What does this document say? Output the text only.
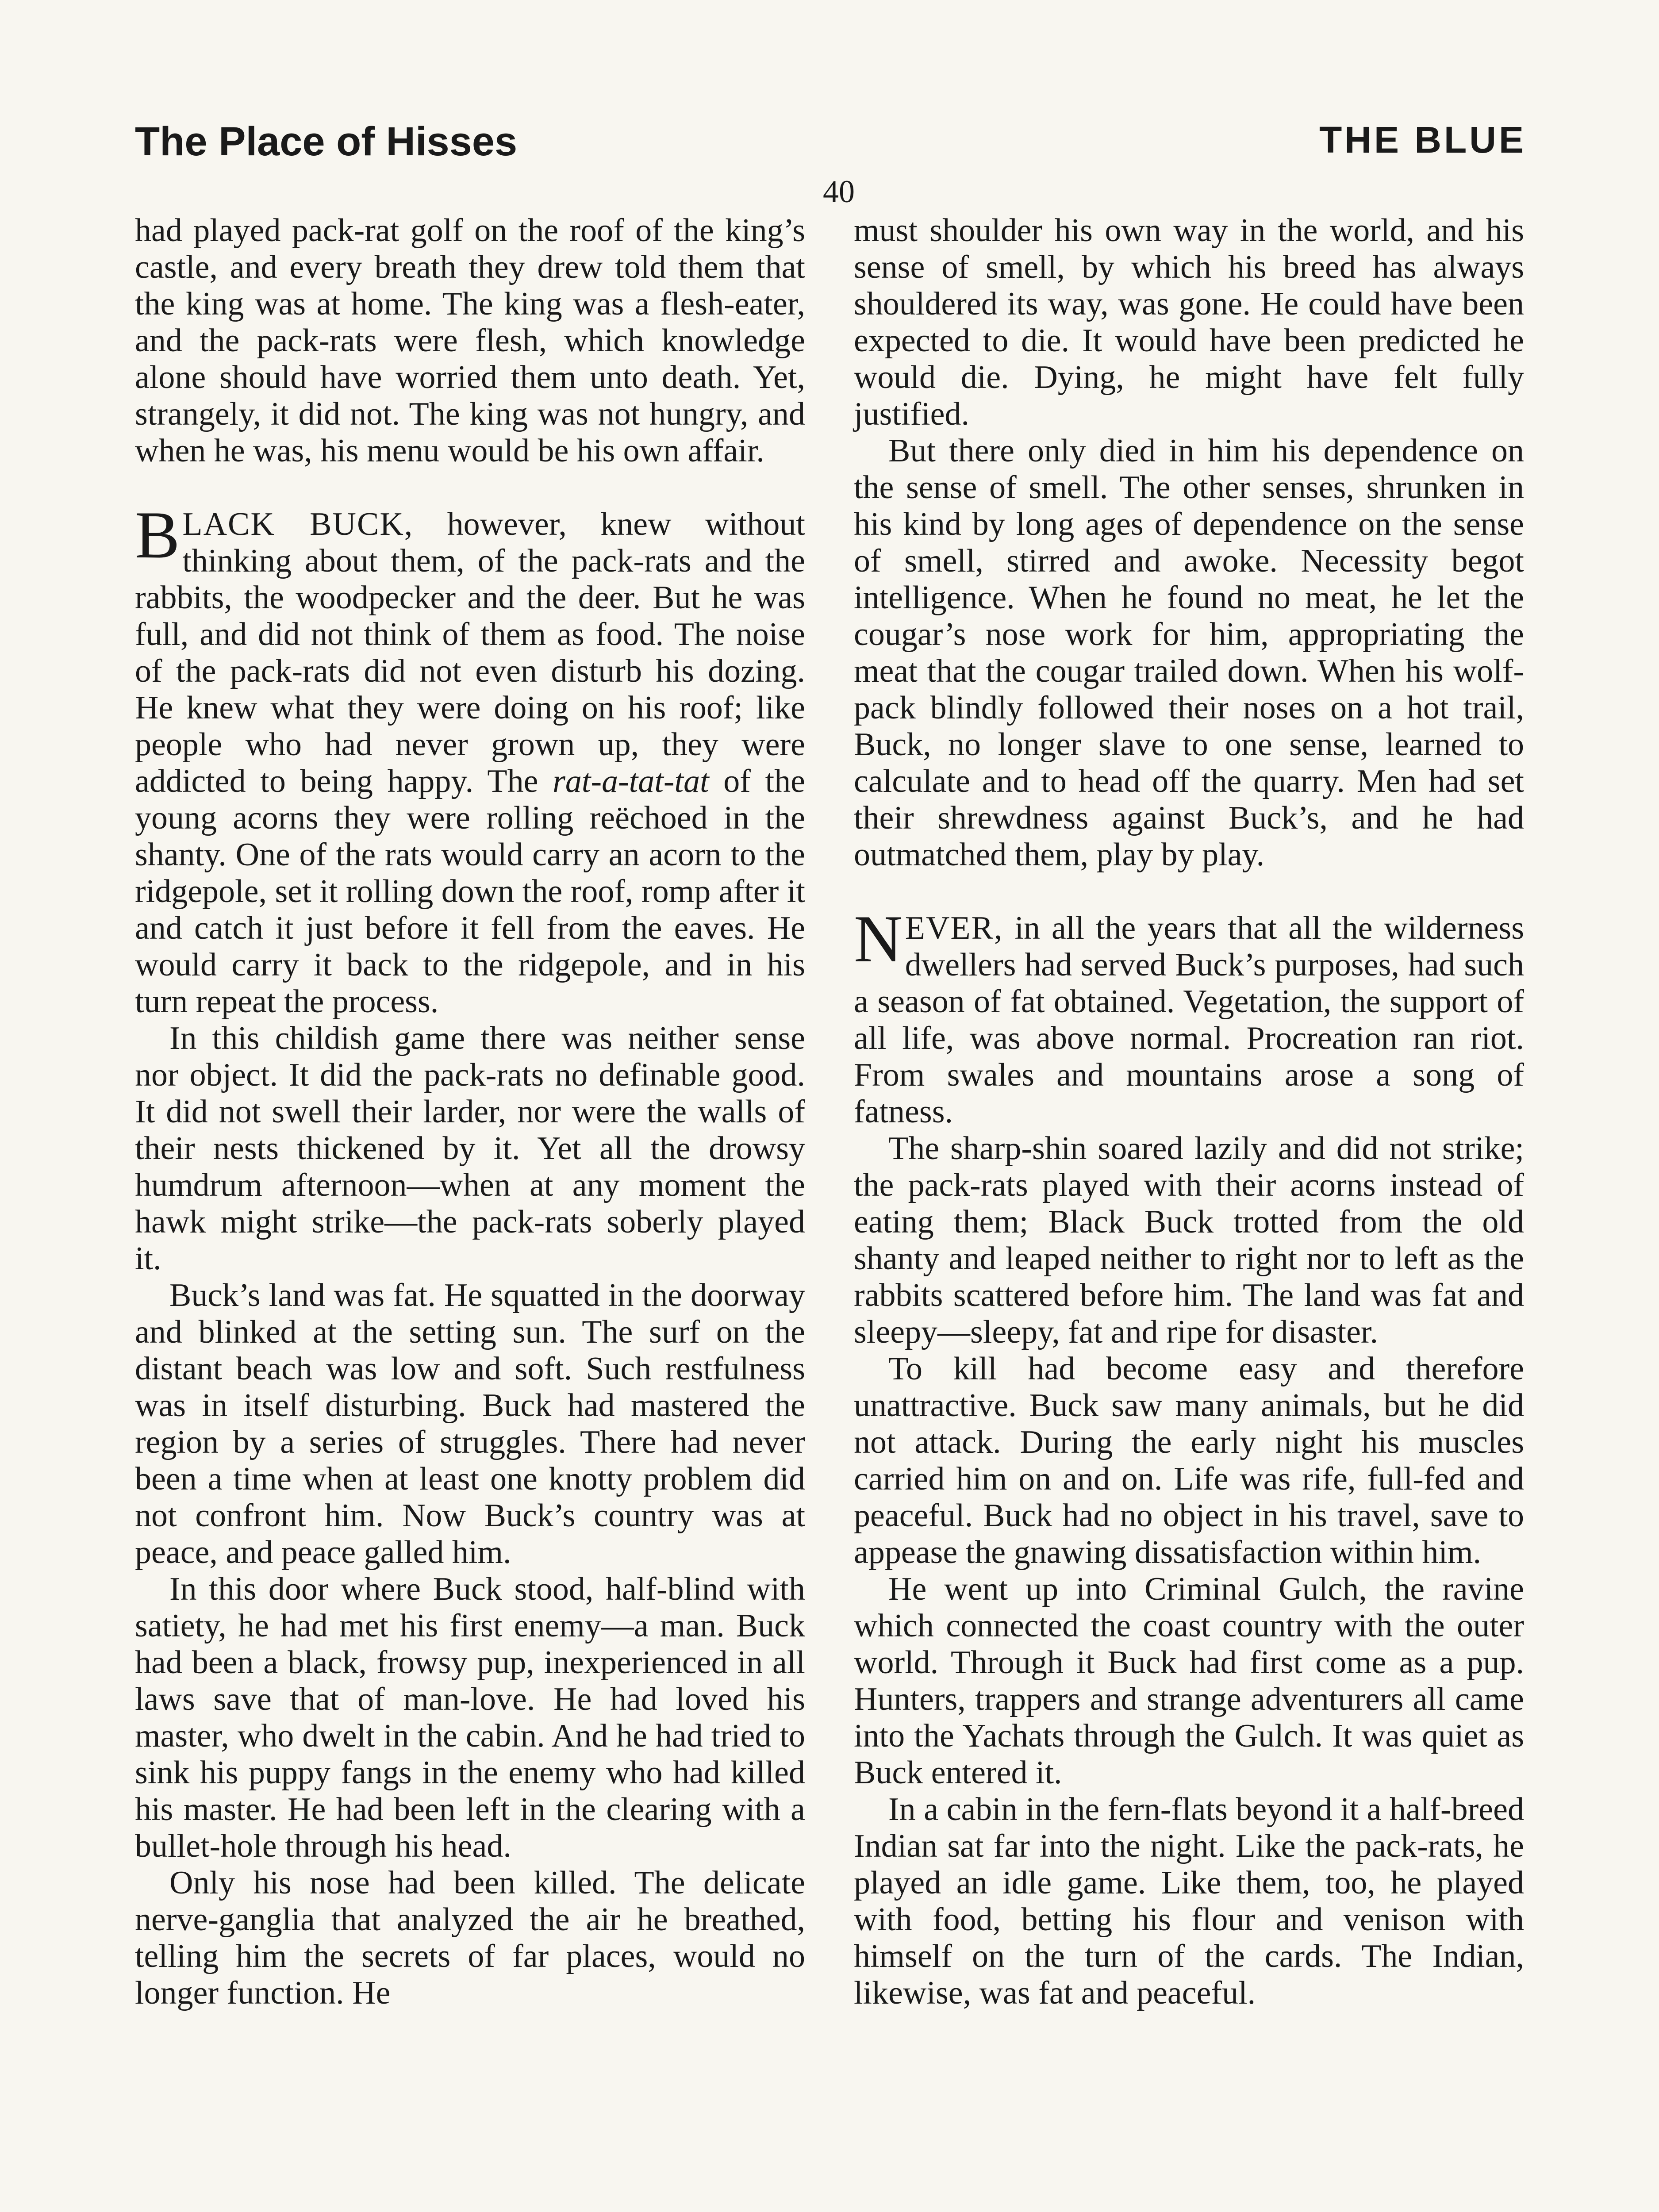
The Place of Hisses	THE BLUE
40

had played pack-rat golf on the roof of the king’s castle, and every breath they drew told them that the king was at home. The king was a flesh-eater, and the pack-rats were flesh, which knowledge alone should have worried them unto death. Yet, strangely, it did not. The king was not hungry, and when he was, his menu would be his own affair.

BLACK BUCK, however, knew without thinking about them, of the pack-rats and the rabbits, the woodpecker and the deer. But he was full, and did not think of them as food. The noise of the pack-rats did not even disturb his dozing. He knew what they were doing on his roof; like people who had never grown up, they were addicted to being happy. The rat-a-tat-tat of the young acorns they were rolling reëchoed in the shanty. One of the rats would carry an acorn to the ridgepole, set it rolling down the roof, romp after it and catch it just before it fell from the eaves. He would carry it back to the ridgepole, and in his turn repeat the process.

In this childish game there was neither sense nor object. It did the pack-rats no definable good. It did not swell their larder, nor were the walls of their nests thickened by it. Yet all the drowsy humdrum afternoon—when at any moment the hawk might strike—the pack-rats soberly played it.

Buck’s land was fat. He squatted in the doorway and blinked at the setting sun. The surf on the distant beach was low and soft. Such restfulness was in itself disturbing. Buck had mastered the region by a series of struggles. There had never been a time when at least one knotty problem did not confront him. Now Buck’s country was at peace, and peace galled him.

In this door where Buck stood, half-blind with satiety, he had met his first enemy—a man. Buck had been a black, frowsy pup, inexperienced in all laws save that of man-love. He had loved his master, who dwelt in the cabin. And he had tried to sink his puppy fangs in the enemy who had killed his master. He had been left in the clearing with a bullet-hole through his head.

Only his nose had been killed. The delicate nerve-ganglia that analyzed the air he breathed, telling him the secrets of far places, would no longer function. He

must shoulder his own way in the world, and his sense of smell, by which his breed has always shouldered its way, was gone. He could have been expected to die. It would have been predicted he would die. Dying, he might have felt fully justified.

But there only died in him his dependence on the sense of smell. The other senses, shrunken in his kind by long ages of dependence on the sense of smell, stirred and awoke. Necessity begot intelligence. When he found no meat, he let the cougar’s nose work for him, appropriating the meat that the cougar trailed down. When his wolf-pack blindly followed their noses on a hot trail, Buck, no longer slave to one sense, learned to calculate and to head off the quarry. Men had set their shrewdness against Buck’s, and he had outmatched them, play by play.

NEVER, in all the years that all the wilderness dwellers had served Buck’s purposes, had such a season of fat obtained. Vegetation, the support of all life, was above normal. Procreation ran riot. From swales and mountains arose a song of fatness.

The sharp-shin soared lazily and did not strike; the pack-rats played with their acorns instead of eating them; Black Buck trotted from the old shanty and leaped neither to right nor to left as the rabbits scattered before him. The land was fat and sleepy—sleepy, fat and ripe for disaster.

To kill had become easy and therefore unattractive. Buck saw many animals, but he did not attack. During the early night his muscles carried him on and on. Life was rife, full-fed and peaceful. Buck had no object in his travel, save to appease the gnawing dissatisfaction within him.

He went up into Criminal Gulch, the ravine which connected the coast country with the outer world. Through it Buck had first come as a pup. Hunters, trappers and strange adventurers all came into the Yachats through the Gulch. It was quiet as Buck entered it.

In a cabin in the fern-flats beyond it a half-breed Indian sat far into the night. Like the pack-rats, he played an idle game. Like them, too, he played with food, betting his flour and venison with himself on the turn of the cards. The Indian, likewise, was fat and peaceful.
